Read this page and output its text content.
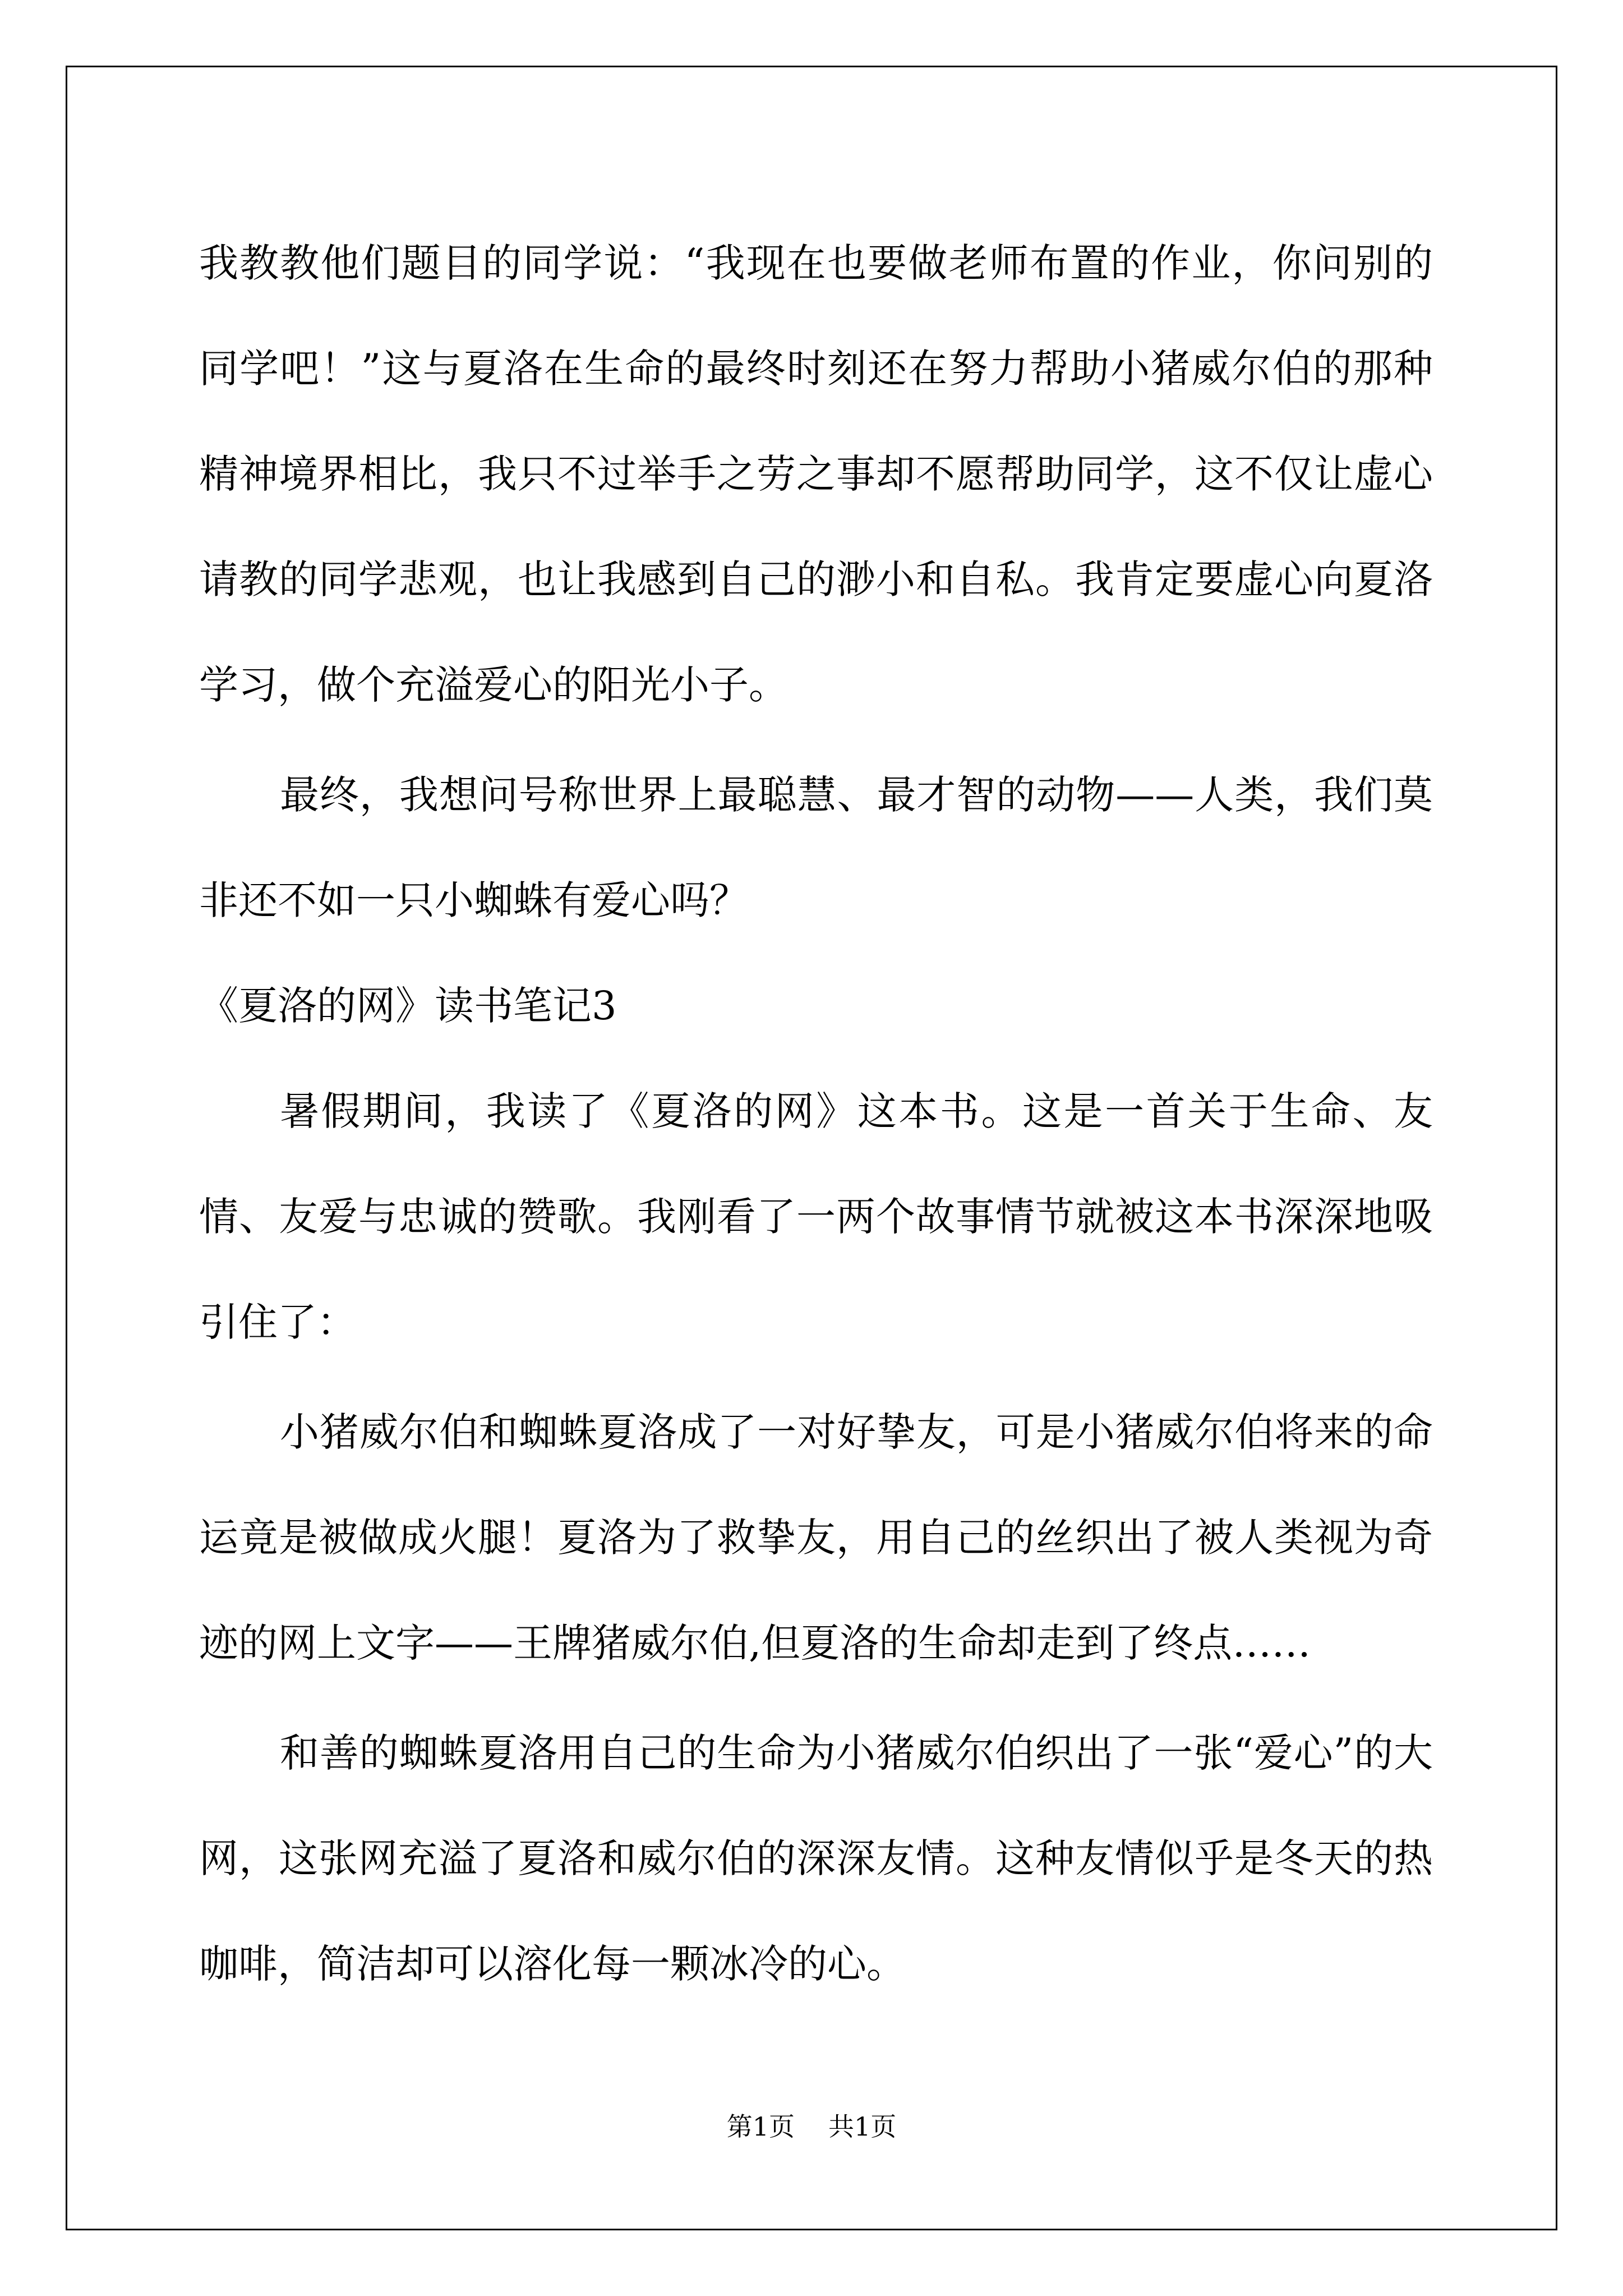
我教教他们题目的同学说：“我现在也要做老师布置的作业，你问别的同学吧！”这与夏洛在生命的最终时刻还在努力帮助小猪威尔伯的那种精神境界相比，我只不过举手之劳之事却不愿帮助同学，这不仅让虚心请教的同学悲观，也让我感到自己的渺小和自私。我肯定要虚心向夏洛学习，做个充溢爱心的阳光小子。

最终，我想问号称世界上最聪慧、最才智的动物——人类，我们莫非还不如一只小蜘蛛有爱心吗？

《夏洛的网》读书笔记3

暑假期间，我读了《夏洛的网》这本书。这是一首关于生命、友情、友爱与忠诚的赞歌。我刚看了一两个故事情节就被这本书深深地吸引住了：

小猪威尔伯和蜘蛛夏洛成了一对好挚友，可是小猪威尔伯将来的命运竟是被做成火腿！夏洛为了救挚友，用自己的丝织出了被人类视为奇迹的网上文字——王牌猪威尔伯,但夏洛的生命却走到了终点……

和善的蜘蛛夏洛用自己的生命为小猪威尔伯织出了一张“爱心”的大网，这张网充溢了夏洛和威尔伯的深深友情。这种友情似乎是冬天的热咖啡，简洁却可以溶化每一颗冰冷的心。

第1页 共1页
